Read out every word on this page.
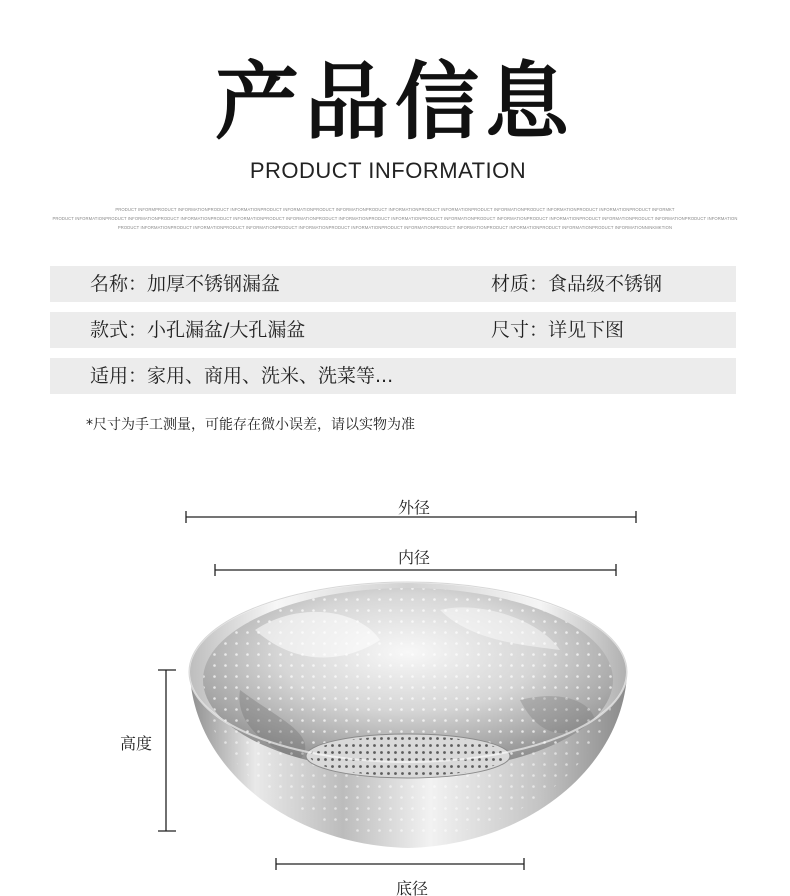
产品信息
PRODUCT INFORMATION
PRODUCT INFORMPRODUCT INFORMATIONPRODUCT INFORMATIONPRODUCT INFORMATIONPRODUCT INFORMATIONPRODUCT INFORMATIONPRODUCT INFORMATIONPRODUCT INFORMATIONPRODUCT INFORMATIONPRODUCT INFORMATIONPRODUCT INFORMKT
PRODUCT INFORMATIONPRODUCT INFORMATIONPRODUCT INFORMATIONPRODUCT INFORMATIONPRODUCT INFORMATIONPRODUCT INFORMATIONPRODUCT INFORMATIONPRODUCT INFORMATIONPRODUCT INFORMATIONPRODUCT INFORMATIONPRODUCT INFORMATIONPRODUCT INFORMATIONPRODUCT INFORMATION
PRODUCT INFORMATIONPRODUCT INFORMATIONPRODUCT INFORMATIONPRODUCT INFORMATIONPRODUCT INFORMATIONPRODUCT INFORMATIONPRODUCT INFORMATIONPRODUCT INFORMATIONPRODUCT INFORMATIONPRODUCT INFORMATIONNINKMKTION
名称：加厚不锈钢漏盆	材质：食品级不锈钢
款式：小孔漏盆/大孔漏盆	尺寸：详见下图
适用：家用、商用、洗米、洗菜等...
*尺寸为手工测量，可能存在微小误差，请以实物为准
外径
内径
高度
底径
